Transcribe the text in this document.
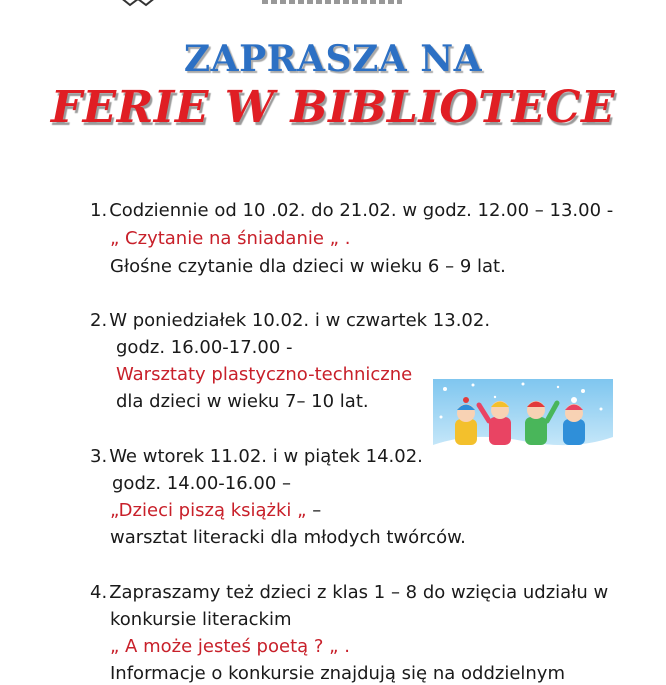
ZAPRASZA NA
FERIE W BIBLIOTECE
1. Codziennie od 10 .02. do 21.02. w godz. 12.00 – 13.00 -
„ Czytanie na śniadanie „ .
Głośne czytanie dla dzieci w wieku 6 – 9 lat.
2. W poniedziałek 10.02. i w czwartek 13.02.
godz. 16.00-17.00 -
Warsztaty plastyczno-techniczne
dla dzieci w wieku 7– 10 lat.
3. We wtorek 11.02. i w piątek 14.02.
godz. 14.00-16.00 –
„Dzieci piszą książki „ –
warsztat literacki dla młodych twórców.
4. Zapraszamy też dzieci z klas 1 – 8 do wzięcia udziału w
konkursie literackim
„ A może jesteś poetą ? „ .
Informacje o konkursie znajdują się na oddzielnym
